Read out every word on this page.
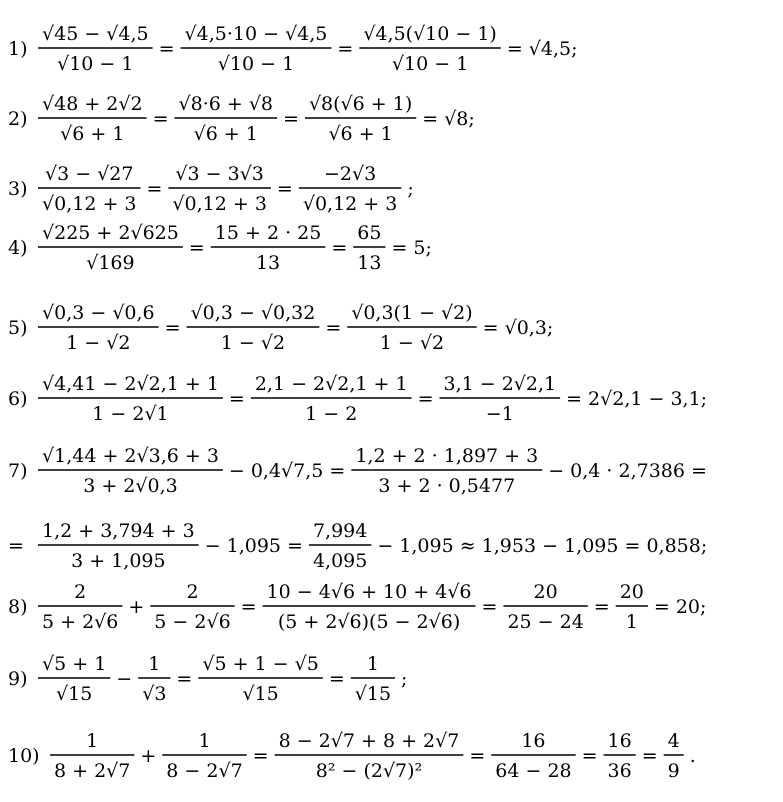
1)
√45 − √4,5
√10 − 1
=
√4,5·10 − √4,5
√10 − 1
=
√4,5(√10 − 1)
√10 − 1
= √4,5;
2)
√48 + 2√2
√6 + 1
=
√8·6 + √8
√6 + 1
=
√8(√6 + 1)
√6 + 1
= √8;
3)
√3 − √27
√0,12 + 3
=
√3 − 3√3
√0,12 + 3
=
−2√3
√0,12 + 3
;
4)
√225 + 2√625
√169
=
15 + 2 · 25
13
=
65
13
= 5;
5)
√0,3 − √0,6
1 − √2
=
√0,3 − √0,32
1 − √2
=
√0,3(1 − √2)
1 − √2
= √0,3;
6)
√4,41 − 2√2,1 + 1
1 − 2√1
=
2,1 − 2√2,1 + 1
1 − 2
=
3,1 − 2√2,1
−1
= 2√2,1 − 3,1;
7)
√1,44 + 2√3,6 + 3
3 + 2√0,3
− 0,4√7,5 =
1,2 + 2 · 1,897 + 3
3 + 2 · 0,5477
− 0,4 · 2,7386 =
=
1,2 + 3,794 + 3
3 + 1,095
− 1,095 =
7,994
4,095
− 1,095 ≈ 1,953 − 1,095 = 0,858;
8)
2
5 + 2√6
+
2
5 − 2√6
=
10 − 4√6 + 10 + 4√6
(5 + 2√6)(5 − 2√6)
=
20
25 − 24
=
20
1
= 20;
9)
√5 + 1
√15
−
1
√3
=
√5 + 1 − √5
√15
=
1
√15
;
10)
1
8 + 2√7
+
1
8 − 2√7
=
8 − 2√7 + 8 + 2√7
8² − (2√7)²
=
16
64 − 28
=
16
36
=
4
9
.
